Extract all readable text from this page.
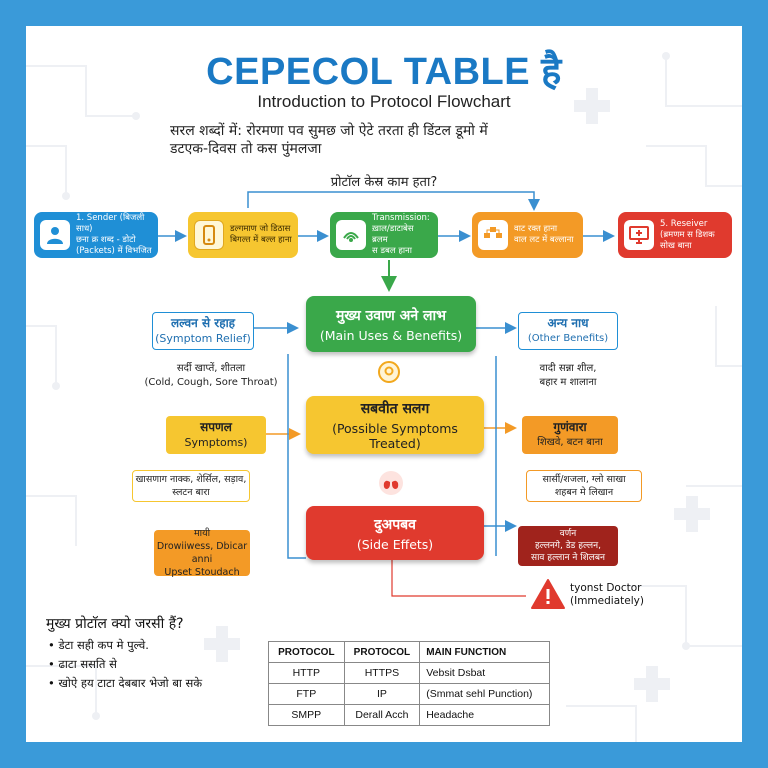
CEPECOL TABLE है
Introduction to Protocol Flowchart
सरल शब्दों में: रोरमणा पव सुमछ जो ऐटे तरता ही डिंटल डूमो में
डटएक-दिवस तो कस पुंमलजा
प्रोटाॅल केस्र काम हता?
1. Sender (बिजली साध)
छना क्र शब्द - डोटो
(Packets) में विभजित
डल्गमाण जो डिठास
बिगल्त में बल्ल हाना
Transmission:
ख़ाल/डाटाबेस ब्रलम
स डबल हाना
वाट रक्त हाना
वाल लट में बल्लाना
5. Reseiver
(ब्रमणम स डिशक
सोख बाना
मुख्य उवाण अने लाभ
(Main Uses & Benefits)
सबवीत सलग
(Possible Symptoms Treated)
दुअपबव
(Side Effets)
लल्वन से रहाह
(Symptom Relief)
सर्दी खाप्तें, शीतला
(Cold, Cough, Sore Throat)
सपणल
Symptoms)
खासणाग नाक्क, शेर्सिल, सड़ाव,
स्लटन बारा
मायी
Drowiiwess, Dbicar anni
Upset Stoudach
अन्य नाध
(Other Benefits)
वादी सन्ना शील,
बहार म शालाना
गुणंवारा
शिखवे, बटन बाना
सार्सी/शजला, ग्लो साखा
शहबन मे लिखान
वर्णन
हल्लनगे, डेड हल्लन,
साव हल्लान ने शिलबन
tyonst Doctor
(Immediately)
मुख्य प्रोटाॅल क्यो जरसी हैं?
• डेटा सही कप मे पुल्वे.
• ढाटा ससति से
• खोऐ हय टाटा देबबार भेजो बा सके
PROTOCOL	PROTOCOL	MAIN FUNCTION
HTTP	HTTPS	Vebsit Dsbat
FTP	IP	(Smmat sehl Punction)
SMPP	Derall Acch	Headache
